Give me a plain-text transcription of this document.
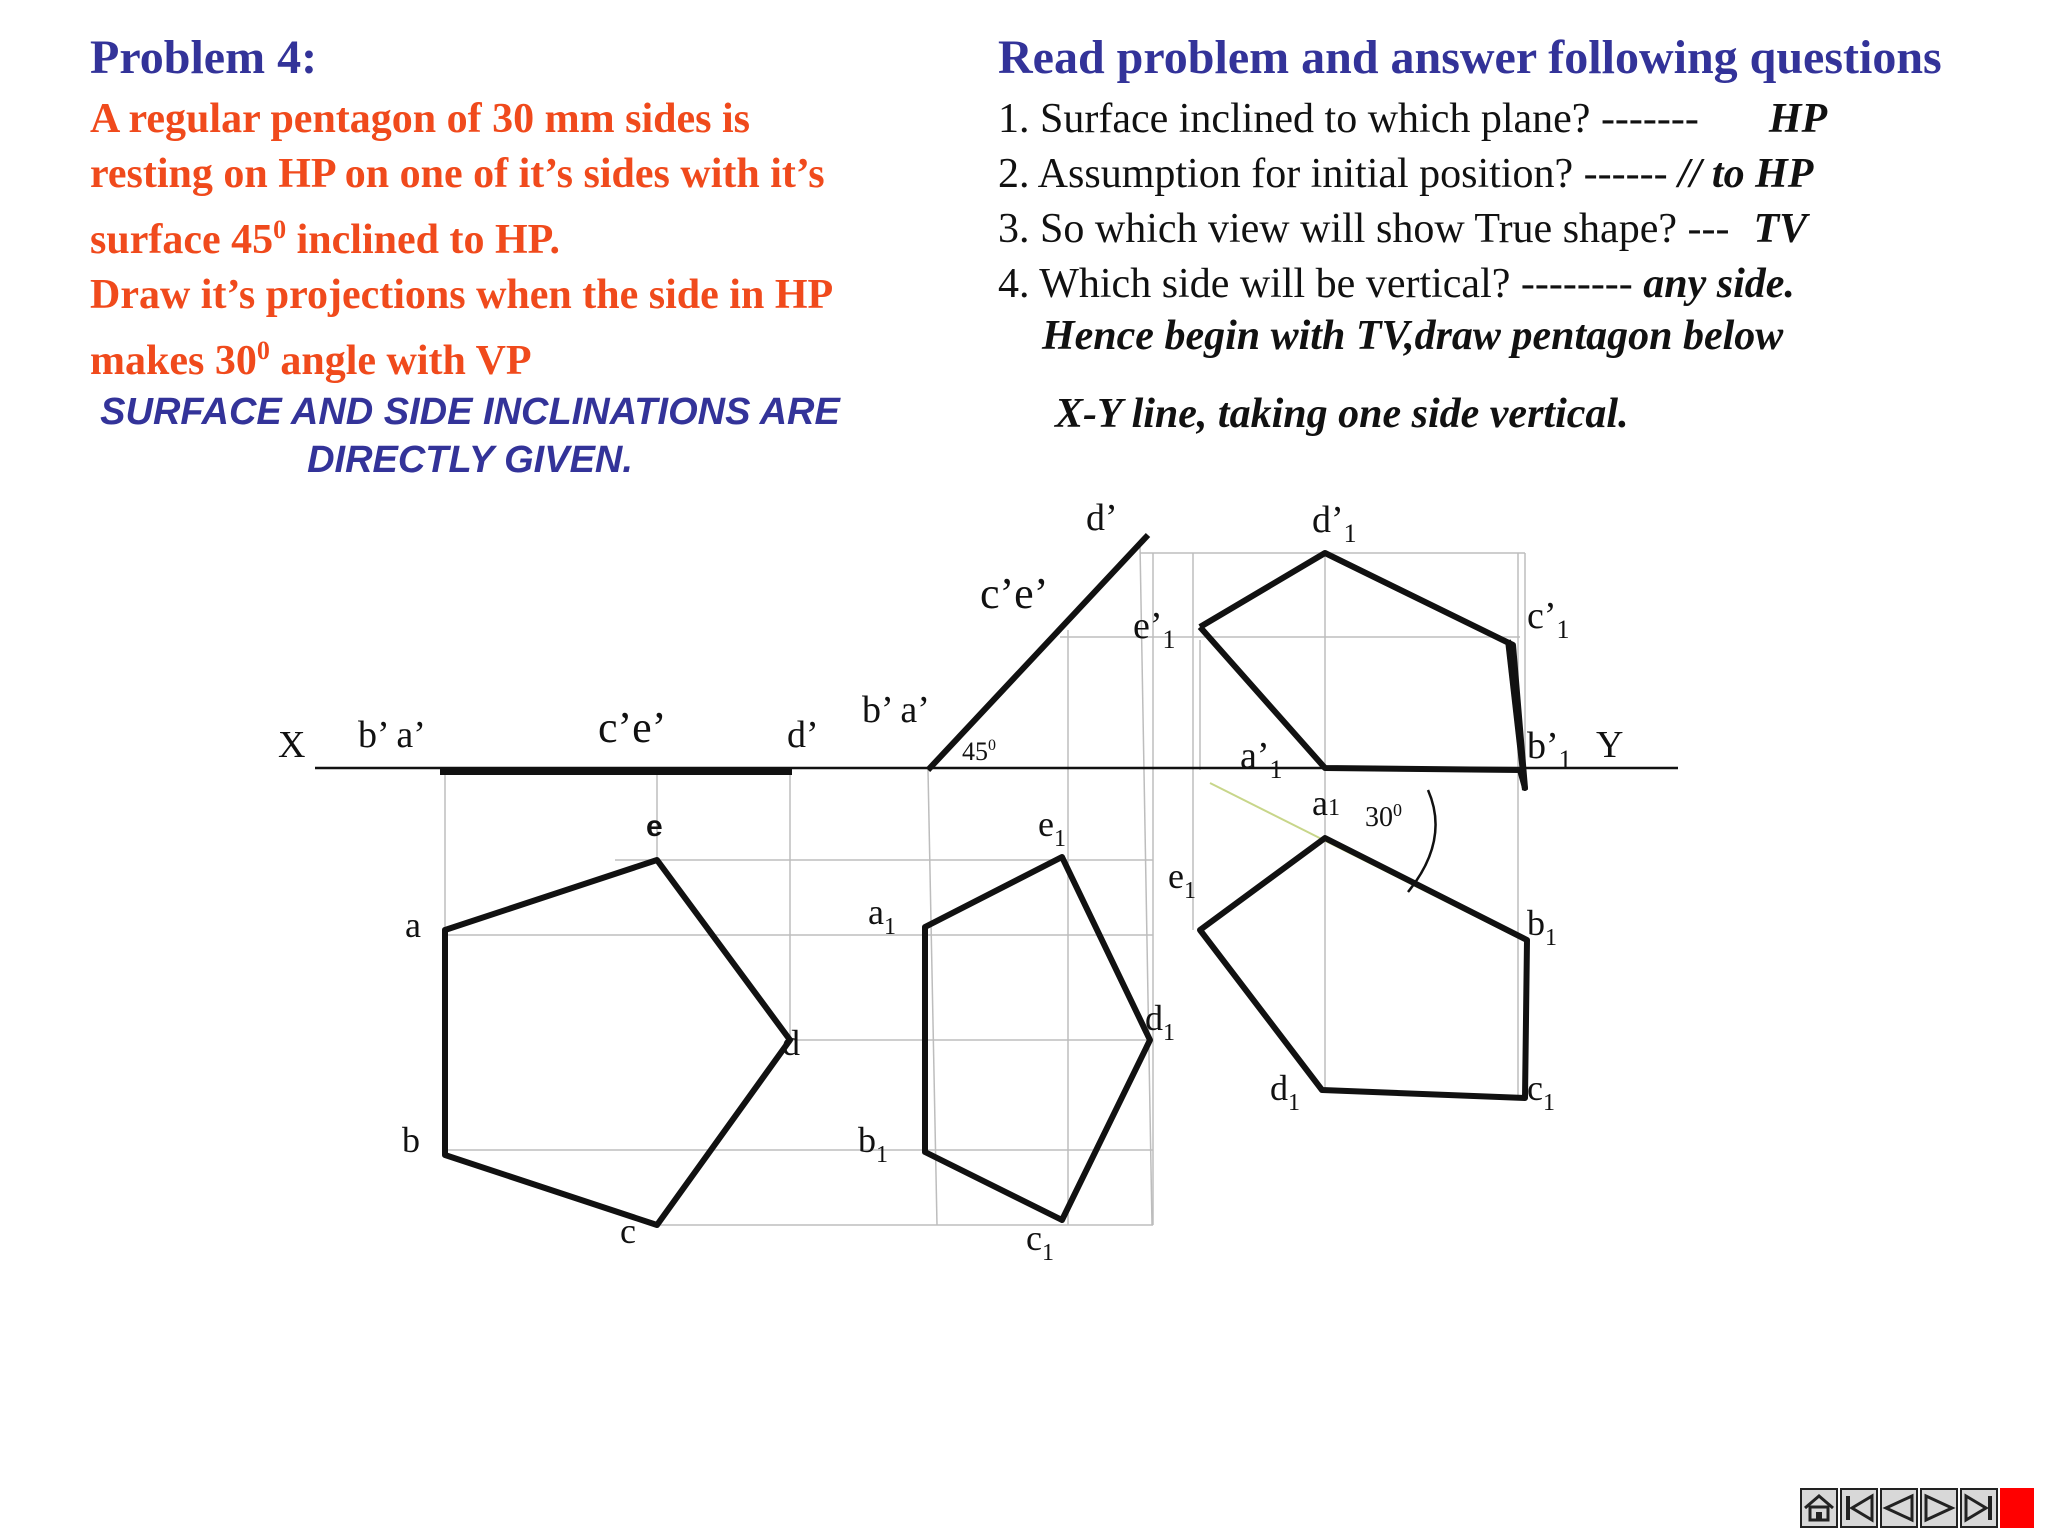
Problem 4:
A regular pentagon of 30 mm sides is
resting on HP on one of it’s sides with it’s
surface $45^0$ inclined to HP.
Draw it’s projections when the side in HP
makes $30^0$ angle with VP
SURFACE AND SIDE INCLINATIONS ARE DIRECTLY GIVEN.
Read problem and answer following questions
1. Surface inclined to which plane? ------- HP
2. Assumption for initial position? ------ // to HP
3. So which view will show True shape? --- TV
4. Which side will be vertical? -------- any side.
Hence begin with TV,draw pentagon below
X-Y line, taking one side vertical.
X	Y
b’ a’	c’e’	d’
b’ a’
c’e’
d’
$45^0$
$d’_1$
$e’_1$
$c’_1$
$a’_1$
$b’_1$
$30^0$
a
b
c
d
e
$a_1$
$b_1$
$c_1$
$d_1$
$e_1$
a1
$b_1$
$c_1$
$d_1$
$e_1$
